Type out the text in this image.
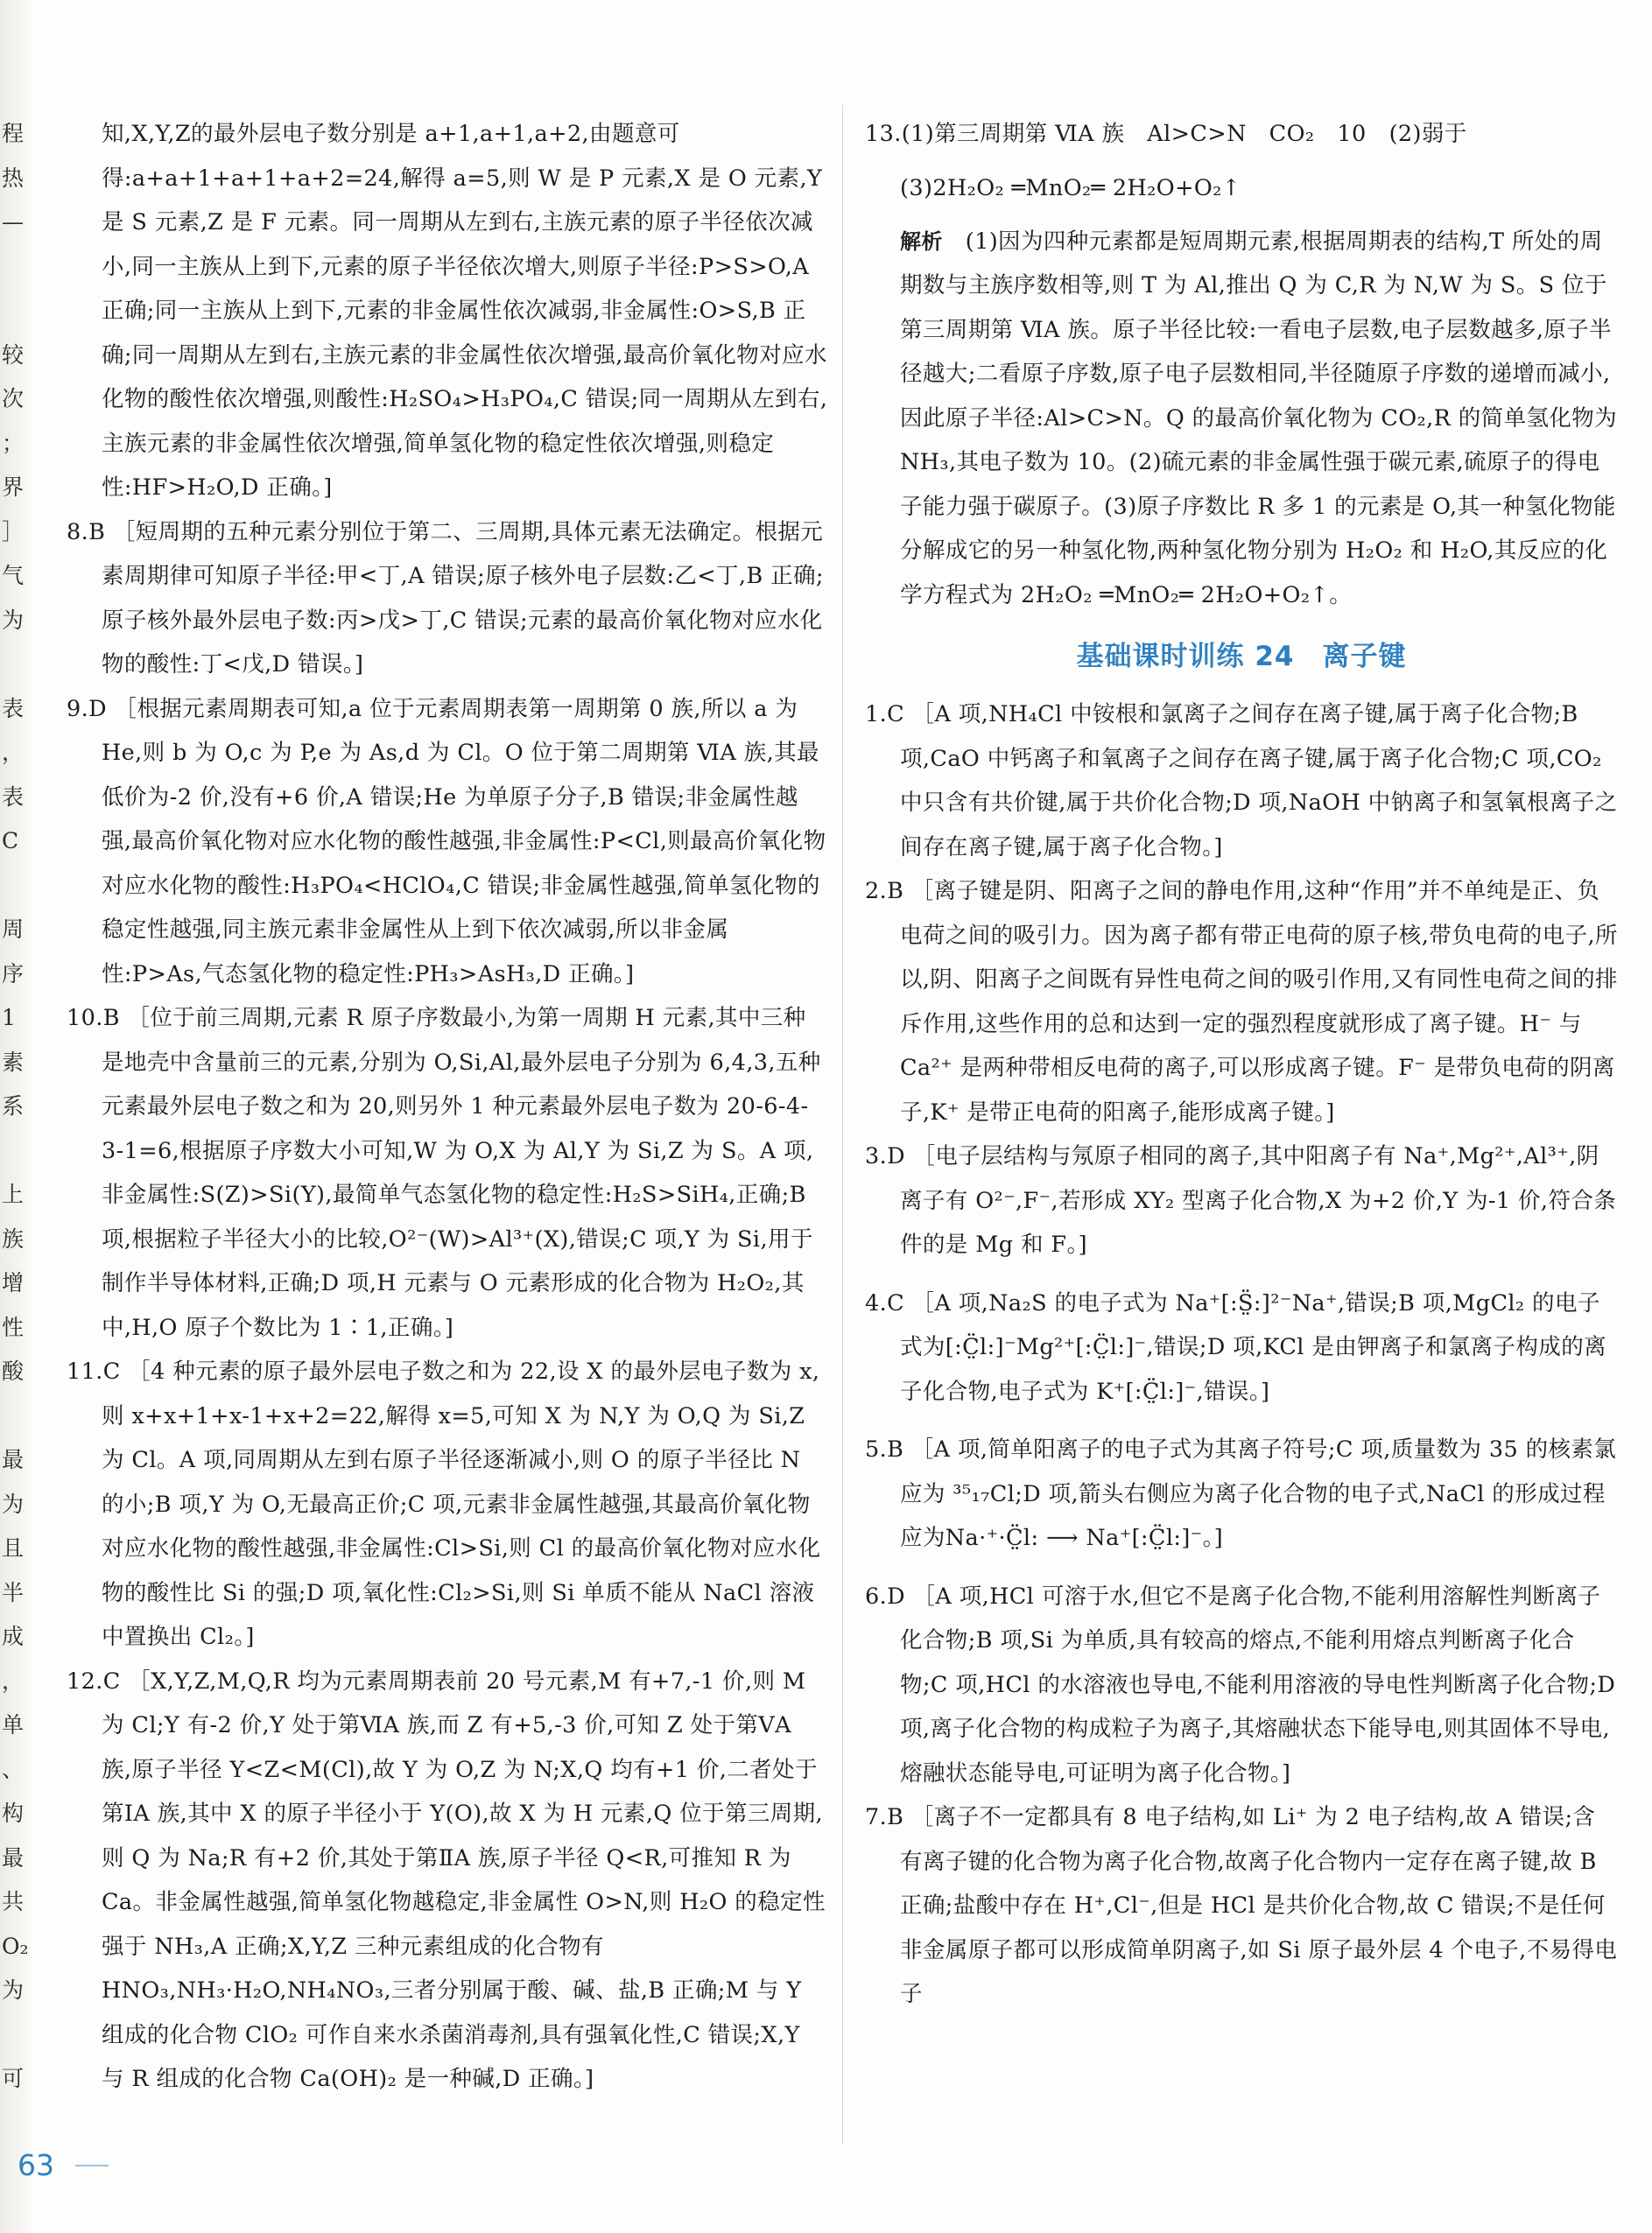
程
热
—

较
次
；
界
］
气
为

表
，
表
C

周
序
1
素
系

上
族
增
性
酸

最
为
且
半
成
，
单
、
构
最
共
O₂
为

可

知,X,Y,Z的最外层电子数分别是 a+1,a+1,a+2,由题意可得:a+a+1+a+1+a+2=24,解得 a=5,则 W 是 P 元素,X 是 O 元素,Y 是 S 元素,Z 是 F 元素。同一周期从左到右,主族元素的原子半径依次减小,同一主族从上到下,元素的原子半径依次增大,则原子半径:P>S>O,A 正确;同一主族从上到下,元素的非金属性依次减弱,非金属性:O>S,B 正确;同一周期从左到右,主族元素的非金属性依次增强,最高价氧化物对应水化物的酸性依次增强,则酸性:H₂SO₄>H₃PO₄,C 错误;同一周期从左到右,主族元素的非金属性依次增强,简单氢化物的稳定性依次增强,则稳定性:HF>H₂O,D 正确。]

8.B ［短周期的五种元素分别位于第二、三周期,具体元素无法确定。根据元素周期律可知原子半径:甲<丁,A 错误;原子核外电子层数:乙<丁,B 正确;原子核外最外层电子数:丙>戊>丁,C 错误;元素的最高价氧化物对应水化物的酸性:丁<戊,D 错误。]

9.D ［根据元素周期表可知,a 位于元素周期表第一周期第 0 族,所以 a 为 He,则 b 为 O,c 为 P,e 为 As,d 为 Cl。O 位于第二周期第 ⅥA 族,其最低价为-2 价,没有+6 价,A 错误;He 为单原子分子,B 错误;非金属性越强,最高价氧化物对应水化物的酸性越强,非金属性:P<Cl,则最高价氧化物对应水化物的酸性:H₃PO₄<HClO₄,C 错误;非金属性越强,简单氢化物的稳定性越强,同主族元素非金属性从上到下依次减弱,所以非金属性:P>As,气态氢化物的稳定性:PH₃>AsH₃,D 正确。]

10.B ［位于前三周期,元素 R 原子序数最小,为第一周期 H 元素,其中三种是地壳中含量前三的元素,分别为 O,Si,Al,最外层电子分别为 6,4,3,五种元素最外层电子数之和为 20,则另外 1 种元素最外层电子数为 20-6-4-3-1=6,根据原子序数大小可知,W 为 O,X 为 Al,Y 为 Si,Z 为 S。A 项,非金属性:S(Z)>Si(Y),最简单气态氢化物的稳定性:H₂S>SiH₄,正确;B 项,根据粒子半径大小的比较,O²⁻(W)>Al³⁺(X),错误;C 项,Y 为 Si,用于制作半导体材料,正确;D 项,H 元素与 O 元素形成的化合物为 H₂O₂,其中,H,O 原子个数比为 1∶1,正确。]

11.C ［4 种元素的原子最外层电子数之和为 22,设 X 的最外层电子数为 x,则 x+x+1+x-1+x+2=22,解得 x=5,可知 X 为 N,Y 为 O,Q 为 Si,Z 为 Cl。A 项,同周期从左到右原子半径逐渐减小,则 O 的原子半径比 N 的小;B 项,Y 为 O,无最高正价;C 项,元素非金属性越强,其最高价氧化物对应水化物的酸性越强,非金属性:Cl>Si,则 Cl 的最高价氧化物对应水化物的酸性比 Si 的强;D 项,氧化性:Cl₂>Si,则 Si 单质不能从 NaCl 溶液中置换出 Cl₂。]

12.C ［X,Y,Z,M,Q,R 均为元素周期表前 20 号元素,M 有+7,-1 价,则 M 为 Cl;Y 有-2 价,Y 处于第ⅥA 族,而 Z 有+5,-3 价,可知 Z 处于第ⅤA 族,原子半径 Y<Z<M(Cl),故 Y 为 O,Z 为 N;X,Q 均有+1 价,二者处于第ⅠA 族,其中 X 的原子半径小于 Y(O),故 X 为 H 元素,Q 位于第三周期,则 Q 为 Na;R 有+2 价,其处于第ⅡA 族,原子半径 Q<R,可推知 R 为 Ca。非金属性越强,简单氢化物越稳定,非金属性 O>N,则 H₂O 的稳定性强于 NH₃,A 正确;X,Y,Z 三种元素组成的化合物有 HNO₃,NH₃·H₂O,NH₄NO₃,三者分别属于酸、碱、盐,B 正确;M 与 Y 组成的化合物 ClO₂ 可作自来水杀菌消毒剂,具有强氧化性,C 错误;X,Y 与 R 组成的化合物 Ca(OH)₂ 是一种碱,D 正确。]

13.(1)第三周期第 ⅥA 族　Al>C>N　CO₂　10　(2)弱于

(3)2H₂O₂ ═MnO₂═ 2H₂O+O₂↑

解析　 (1)因为四种元素都是短周期元素,根据周期表的结构,T 所处的周期数与主族序数相等,则 T 为 Al,推出 Q 为 C,R 为 N,W 为 S。S 位于第三周期第 ⅥA 族。原子半径比较:一看电子层数,电子层数越多,原子半径越大;二看原子序数,原子电子层数相同,半径随原子序数的递增而减小,因此原子半径:Al>C>N。Q 的最高价氧化物为 CO₂,R 的简单氢化物为 NH₃,其电子数为 10。(2)硫元素的非金属性强于碳元素,硫原子的得电子能力强于碳原子。(3)原子序数比 R 多 1 的元素是 O,其一种氢化物能分解成它的另一种氢化物,两种氢化物分别为 H₂O₂ 和 H₂O,其反应的化学方程式为 2H₂O₂ ═MnO₂═ 2H₂O+O₂↑。

基础课时训练 24　离子键

1.C ［A 项,NH₄Cl 中铵根和氯离子之间存在离子键,属于离子化合物;B 项,CaO 中钙离子和氧离子之间存在离子键,属于离子化合物;C 项,CO₂ 中只含有共价键,属于共价化合物;D 项,NaOH 中钠离子和氢氧根离子之间存在离子键,属于离子化合物。]

2.B ［离子键是阴、阳离子之间的静电作用,这种“作用”并不单纯是正、负电荷之间的吸引力。因为离子都有带正电荷的原子核,带负电荷的电子,所以,阴、阳离子之间既有异性电荷之间的吸引作用,又有同性电荷之间的排斥作用,这些作用的总和达到一定的强烈程度就形成了离子键。H⁻ 与 Ca²⁺ 是两种带相反电荷的离子,可以形成离子键。F⁻ 是带负电荷的阴离子,K⁺ 是带正电荷的阳离子,能形成离子键。]

3.D ［电子层结构与氖原子相同的离子,其中阳离子有 Na⁺,Mg²⁺,Al³⁺,阴离子有 O²⁻,F⁻,若形成 XY₂ 型离子化合物,X 为+2 价,Y 为-1 价,符合条件的是 Mg 和 F。]

4.C ［A 项,Na₂S 的电子式为 Na⁺[:S̤̈:]²⁻Na⁺,错误;B 项,MgCl₂ 的电子式为[:C̤̈l:]⁻Mg²⁺[:C̤̈l:]⁻,错误;D 项,KCl 是由钾离子和氯离子构成的离子化合物,电子式为 K⁺[:C̤̈l:]⁻,错误。]

5.B ［A 项,简单阳离子的电子式为其离子符号;C 项,质量数为 35 的核素氯应为 ³⁵₁₇Cl;D 项,箭头右侧应为离子化合物的电子式,NaCl 的形成过程应为Na·⁺·C̤̈l: ⟶ Na⁺[:C̤̈l:]⁻。]

6.D ［A 项,HCl 可溶于水,但它不是离子化合物,不能利用溶解性判断离子化合物;B 项,Si 为单质,具有较高的熔点,不能利用熔点判断离子化合物;C 项,HCl 的水溶液也导电,不能利用溶液的导电性判断离子化合物;D 项,离子化合物的构成粒子为离子,其熔融状态下能导电,则其固体不导电,熔融状态能导电,可证明为离子化合物。]

7.B ［离子不一定都具有 8 电子结构,如 Li⁺ 为 2 电子结构,故 A 错误;含有离子键的化合物为离子化合物,故离子化合物内一定存在离子键,故 B 正确;盐酸中存在 H⁺,Cl⁻,但是 HCl 是共价化合物,故 C 错误;不是任何非金属原子都可以形成简单阴离子,如 Si 原子最外层 4 个电子,不易得电子

63
